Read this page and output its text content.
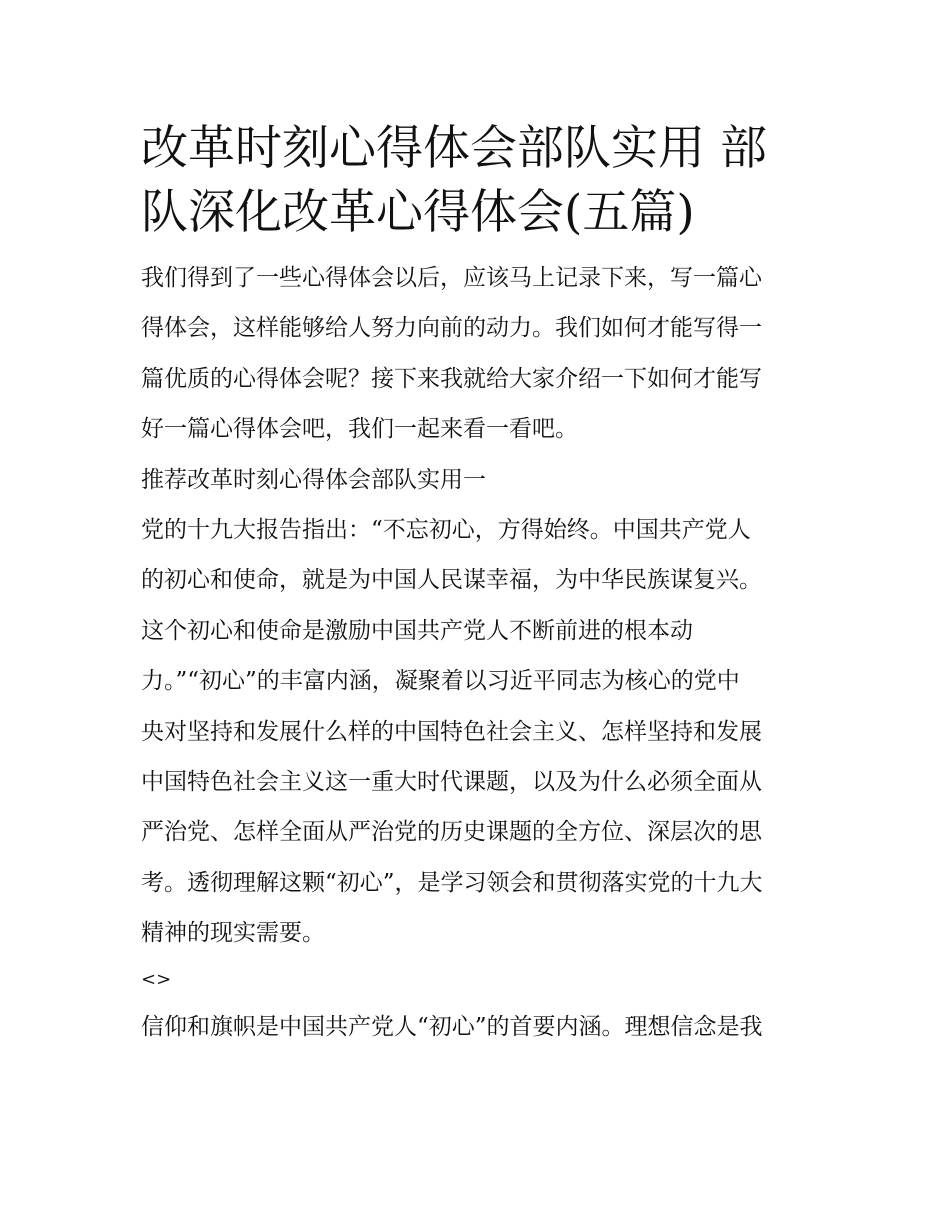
改革时刻心得体会部队实用 部
队深化改革心得体会(五篇)
我们得到了一些心得体会以后，应该马上记录下来，写一篇心
得体会，这样能够给人努力向前的动力。我们如何才能写得一
篇优质的心得体会呢？接下来我就给大家介绍一下如何才能写
好一篇心得体会吧，我们一起来看一看吧。
推荐改革时刻心得体会部队实用一
党的十九大报告指出：“不忘初心，方得始终。中国共产党人
的初心和使命，就是为中国人民谋幸福，为中华民族谋复兴。
这个初心和使命是激励中国共产党人不断前进的根本动
力。”“初心”的丰富内涵，凝聚着以习近平同志为核心的党中
央对坚持和发展什么样的中国特色社会主义、怎样坚持和发展
中国特色社会主义这一重大时代课题，以及为什么必须全面从
严治党、怎样全面从严治党的历史课题的全方位、深层次的思
考。透彻理解这颗“初心”，是学习领会和贯彻落实党的十九大
精神的现实需要。
<>
信仰和旗帜是中国共产党人“初心”的首要内涵。理想信念是我
